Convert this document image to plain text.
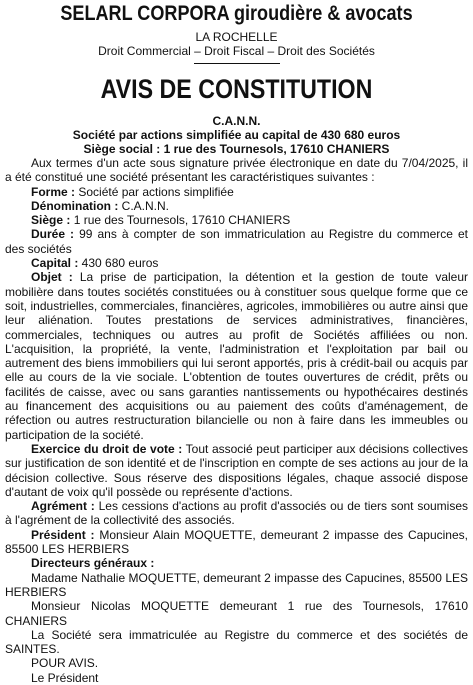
SELARL CORPORA giroudière & avocats
LA ROCHELLE
Droit Commercial – Droit Fiscal – Droit des Sociétés
AVIS DE CONSTITUTION
C.A.N.N.
Société par actions simplifiée au capital de 430 680 euros
Siège social : 1 rue des Tournesols, 17610 CHANIERS

Aux termes d'un acte sous signature privée électronique en date du 7/04/2025, il a été constitué une société présentant les caractéristiques suivantes :

Forme : Société par actions simplifiée

Dénomination : C.A.N.N.

Siège : 1 rue des Tournesols, 17610 CHANIERS

Durée : 99 ans à compter de son immatriculation au Registre du commerce et des sociétés

Capital : 430 680 euros

Objet : La prise de participation, la détention et la gestion de toute valeur mobilière dans toutes sociétés constituées ou à constituer sous quelque forme que ce soit, industrielles, commerciales, financières, agricoles, immobilières ou autre ainsi que leur aliénation. Toutes prestations de services administratives, financières, commerciales, techniques ou autres au profit de Sociétés affiliées ou non. L'acquisition, la propriété, la vente, l'administration et l'exploitation par bail ou autrement des biens immobiliers qui lui seront apportés, pris à crédit-bail ou acquis par elle au cours de la vie sociale. L'obtention de toutes ouvertures de crédit, prêts ou facilités de caisse, avec ou sans garanties nantissements ou hypothécaires destinés au financement des acquisitions ou au paiement des coûts d'aménagement, de réfection ou autres restructuration bilancielle ou non à faire dans les immeubles ou participation de la société.

Exercice du droit de vote : Tout associé peut participer aux décisions collectives sur justification de son identité et de l'inscription en compte de ses actions au jour de la décision collective. Sous réserve des dispositions légales, chaque associé dispose d'autant de voix qu'il possède ou représente d'actions.

Agrément : Les cessions d'actions au profit d'associés ou de tiers sont soumises à l'agrément de la collectivité des associés.

Président : Monsieur Alain MOQUETTE, demeurant 2 impasse des Capucines, 85500 LES HERBIERS

Directeurs généraux :

Madame Nathalie MOQUETTE, demeurant 2 impasse des Capucines, 85500 LES HERBIERS

Monsieur Nicolas MOQUETTE demeurant 1 rue des Tournesols, 17610 CHANIERS

La Société sera immatriculée au Registre du commerce et des sociétés de SAINTES.

POUR AVIS.

Le Président
